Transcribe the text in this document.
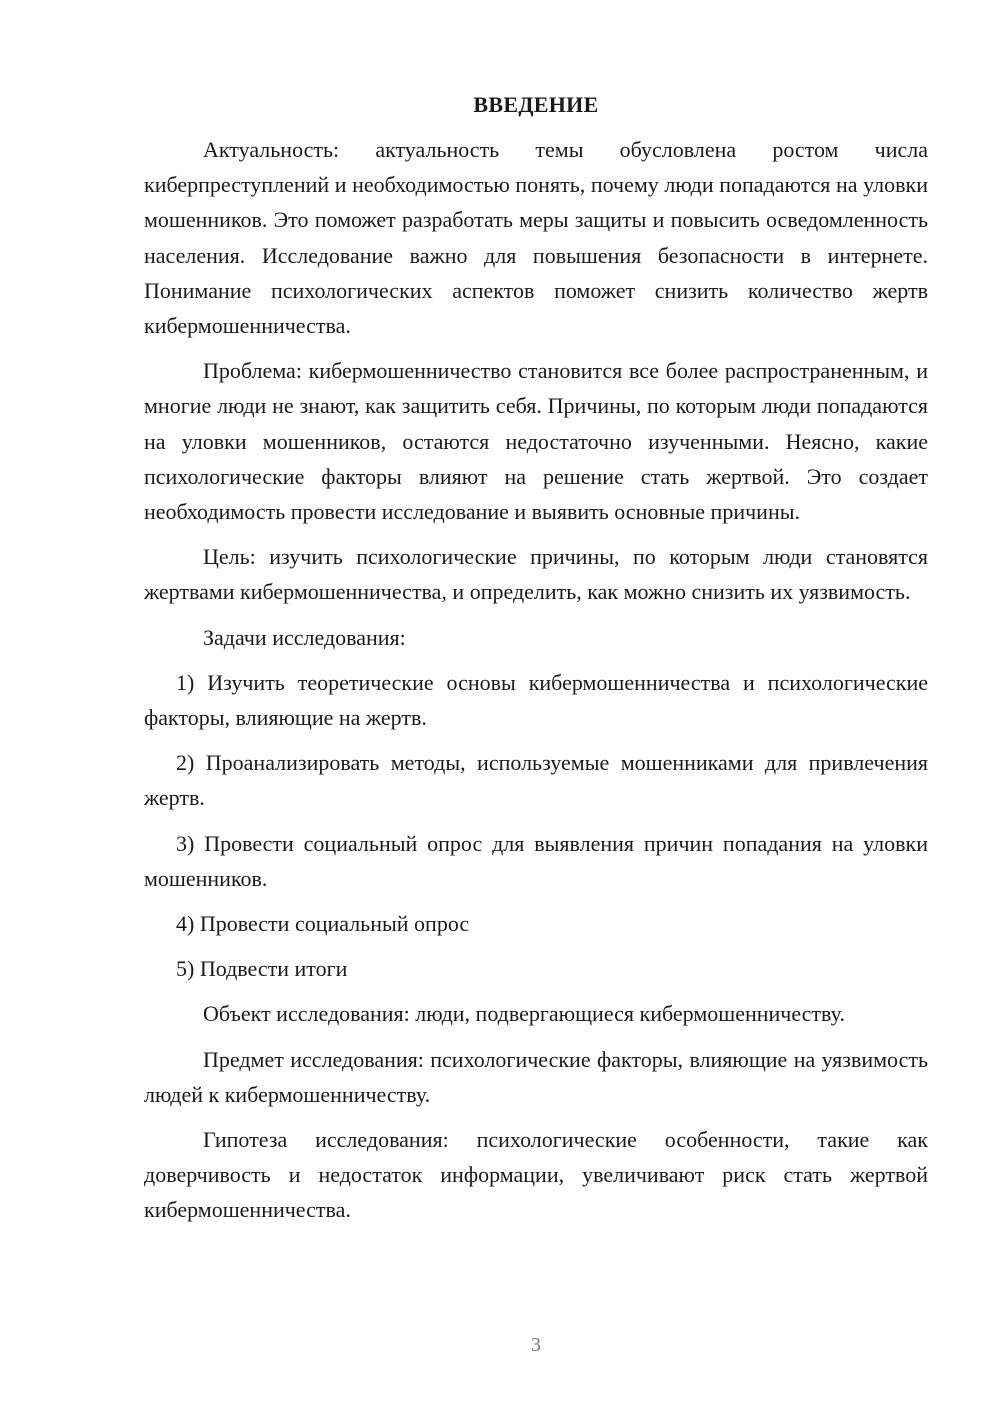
ВВЕДЕНИЕ

Актуальность: актуальность темы обусловлена ростом числа киберпреступлений и необходимостью понять, почему люди попадаются на уловки мошенников. Это поможет разработать меры защиты и повысить осведомленность населения. Исследование важно для повышения безопасности в интернете. Понимание психологических аспектов поможет снизить количество жертв кибермошенничества.

Проблема: кибермошенничество становится все более распространенным, и многие люди не знают, как защитить себя. Причины, по которым люди попадаются на уловки мошенников, остаются недостаточно изученными. Неясно, какие психологические факторы влияют на решение стать жертвой. Это создает необходимость провести исследование и выявить основные причины.

Цель: изучить психологические причины, по которым люди становятся жертвами кибермошенничества, и определить, как можно снизить их уязвимость.

Задачи исследования:

1) Изучить теоретические основы кибермошенничества и психологические факторы, влияющие на жертв.

2) Проанализировать методы, используемые мошенниками для привлечения жертв.

3) Провести социальный опрос для выявления причин попадания на уловки мошенников.

4) Провести социальный опрос

5) Подвести итоги

Объект исследования: люди, подвергающиеся кибермошенничеству.

Предмет исследования: психологические факторы, влияющие на уязвимость людей к кибермошенничеству.

Гипотеза исследования: психологические особенности, такие как доверчивость и недостаток информации, увеличивают риск стать жертвой кибермошенничества.

3
